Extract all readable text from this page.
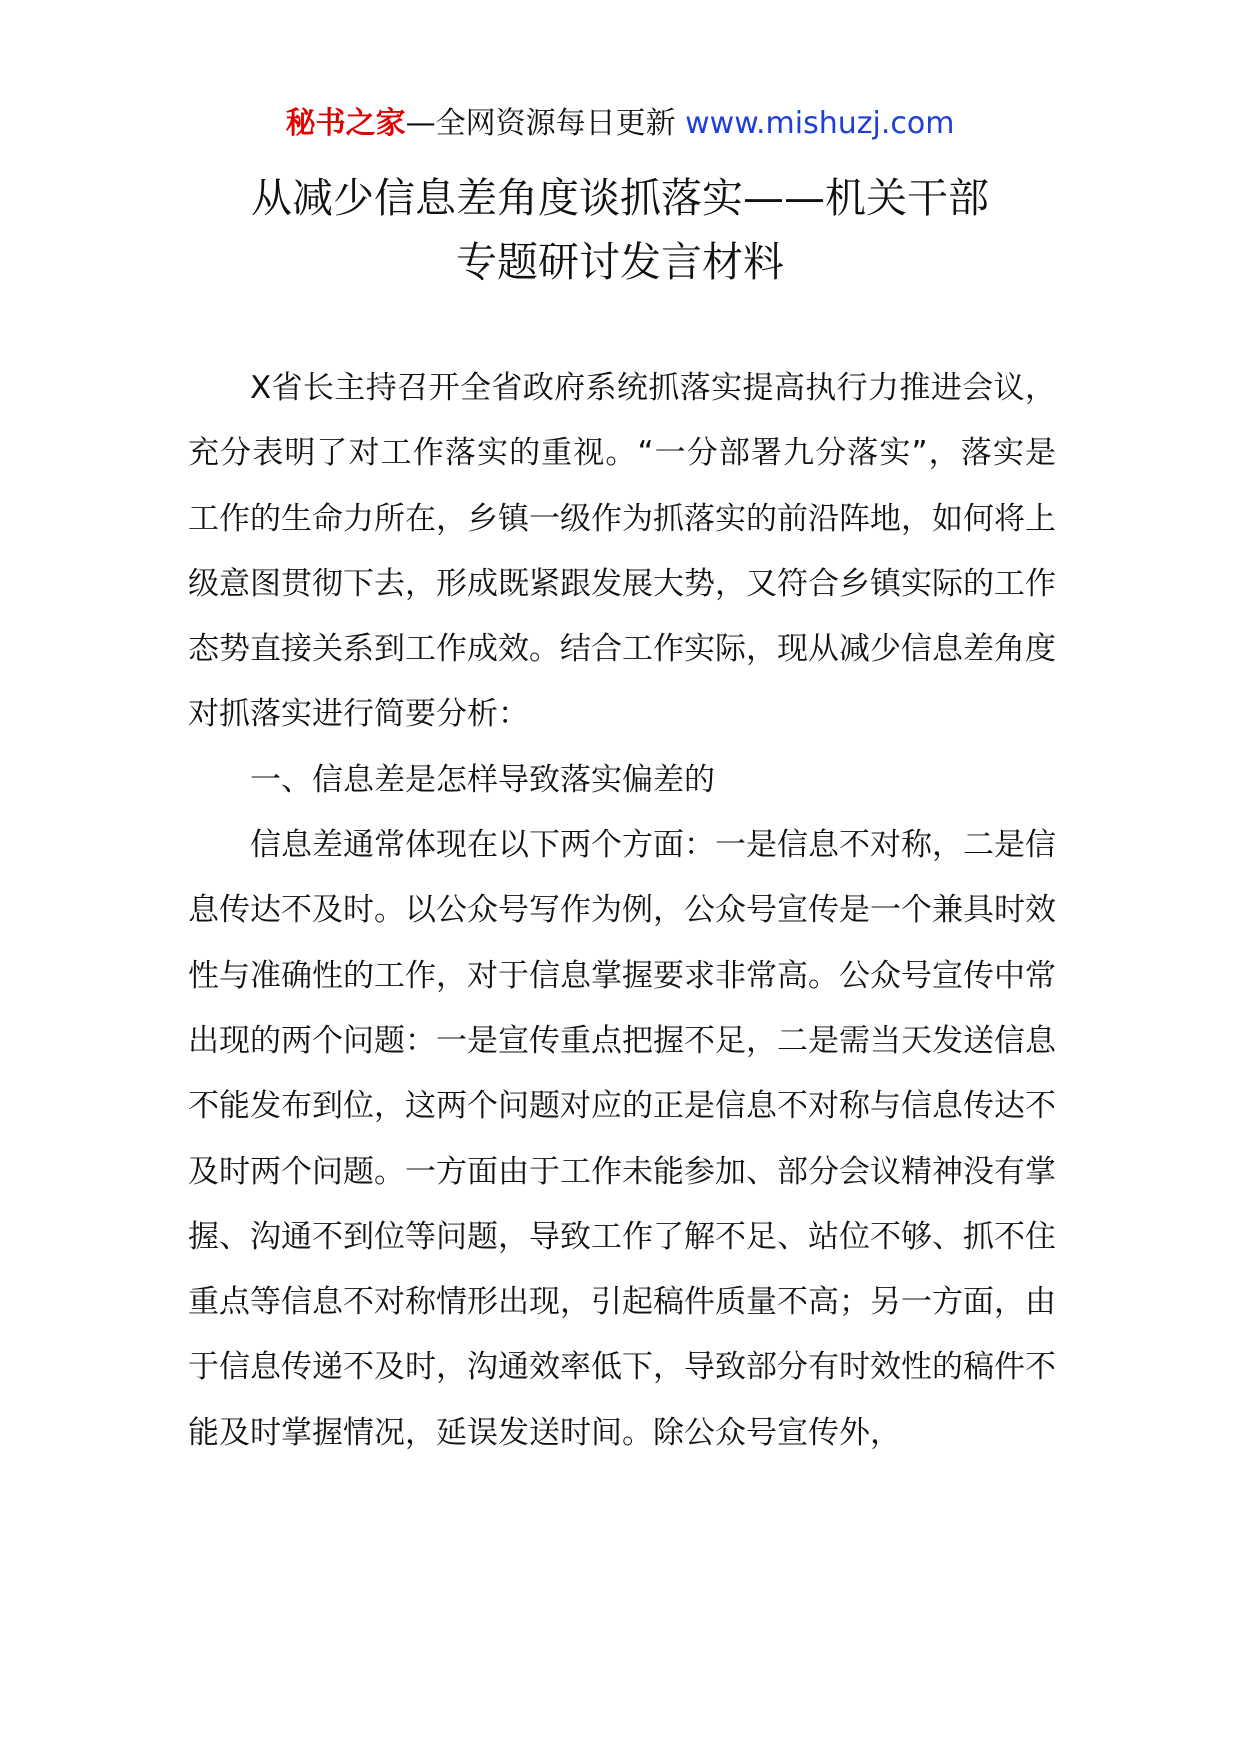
秘书之家—全网资源每日更新 www.mishuzj.com
从减少信息差角度谈抓落实——机关干部
专题研讨发言材料

X省长主持召开全省政府系统抓落实提高执行力推进会议，充分表明了对工作落实的重视。“一分部署九分落实”，落实是工作的生命力所在，乡镇一级作为抓落实的前沿阵地，如何将上级意图贯彻下去，形成既紧跟发展大势，又符合乡镇实际的工作态势直接关系到工作成效。结合工作实际，现从减少信息差角度对抓落实进行简要分析：

一、信息差是怎样导致落实偏差的

信息差通常体现在以下两个方面：一是信息不对称，二是信息传达不及时。以公众号写作为例，公众号宣传是一个兼具时效性与准确性的工作，对于信息掌握要求非常高。公众号宣传中常出现的两个问题：一是宣传重点把握不足，二是需当天发送信息不能发布到位，这两个问题对应的正是信息不对称与信息传达不及时两个问题。一方面由于工作未能参加、部分会议精神没有掌握、沟通不到位等问题，导致工作了解不足、站位不够、抓不住重点等信息不对称情形出现，引起稿件质量不高；另一方面，由于信息传递不及时，沟通效率低下，导致部分有时效性的稿件不能及时掌握情况，延误发送时间。除公众号宣传外，
